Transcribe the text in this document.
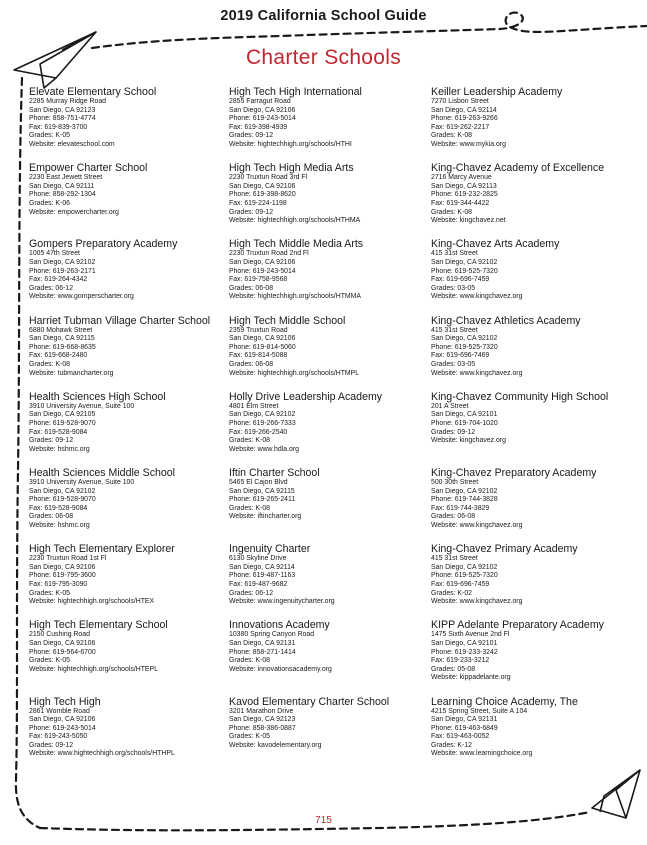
2019 California School Guide
Charter Schools
Elevate Elementary School
2285 Murray Ridge Road
San Diego, CA 92123
Phone: 858-751-4774
Fax: 619-839-3700
Grades: K-05
Website: elevateschool.com
Empower Charter School
2230 East Jewett Street
San Diego, CA 92111
Phone: 858-292-1304
Grades: K-06
Website: empowercharter.org
Gompers Preparatory Academy
1005 47th Street
San Diego, CA 92102
Phone: 619-263-2171
Fax: 619-264-4342
Grades: 06-12
Website: www.gomperscharter.org
Harriet Tubman Village Charter School
6880 Mohawk Street
San Diego, CA 92115
Phone: 619-668-8635
Fax: 619-668-2480
Grades: K-08
Website: tubmancharter.org
Health Sciences High School
3910 University Avenue, Suite 100
San Diego, CA 92105
Phone: 619-528-9070
Fax: 619-528-9084
Grades: 09-12
Website: hshmc.org
Health Sciences Middle School
3910 University Avenue, Suite 100
San Diego, CA 92102
Phone: 619-528-9070
Fax: 619-528-9084
Grades: 06-08
Website: hshmc.org
High Tech Elementary Explorer
2230 Truxtun Road 1st Fl
San Diego, CA 92106
Phone: 619-795-3600
Fax: 619-795-3090
Grades: K-05
Website: hightechhigh.org/schools/HTEX
High Tech Elementary School
2150 Cushing Road
San Diego, CA 92106
Phone: 619-564-6700
Grades: K-05
Website: hightechhigh.org/schools/HTEPL
High Tech High
2861 Womble Road
San Diego, CA 92106
Phone: 619-243-5014
Fax: 619-243-5050
Grades: 09-12
Website: www.hightechhigh.org/schools/HTHPL
High Tech High International
2855 Farragut Road
San Diego, CA 92106
Phone: 619-243-5014
Fax: 619-398-4939
Grades: 09-12
Website: hightechhigh.org/schools/HTHI
High Tech High Media Arts
2230 Truxtun Road 3rd Fl
San Diego, CA 92106
Phone: 619-398-8620
Fax: 619-224-1198
Grades: 09-12
Website: hightechhigh.org/schools/HTHMA
High Tech Middle Media Arts
2230 Truxtun Road 2nd Fl
San Diego, CA 92106
Phone: 619-243-5014
Fax: 619-758-9568
Grades: 06-08
Website: hightechhigh.org/schools/HTMMA
High Tech Middle School
2359 Truxtun Road
San Diego, CA 92106
Phone: 619-814-5060
Fax: 619-814-5088
Grades: 06-08
Website: hightechhigh.org/schools/HTMPL
Holly Drive Leadership Academy
4801 Elm Street
San Diego, CA 92102
Phone: 619-266-7333
Fax: 619-266-2540
Grades: K-08
Website: www.hdla.org
Iftin Charter School
5465 El Cajon Blvd
San Diego, CA 92115
Phone: 619-265-2411
Grades: K-08
Website: iftincharter.org
Ingenuity Charter
6130 Skyline Drive
San Diego, CA 92114
Phone: 619-487-1163
Fax: 619-487-9682
Grades: 06-12
Website: www.ingenuitycharter.org
Innovations Academy
10380 Spring Canyon Road
San Diego, CA 92131
Phone: 858-271-1414
Grades: K-08
Website: innovationsacademy.org
Kavod Elementary Charter School
3201 Marathon Drive
San Diego, CA 92123
Phone: 858-386-0887
Grades: K-05
Website: kavodelementary.org
Keiller Leadership Academy
7270 Lisbon Street
San Diego, CA 92114
Phone: 619-263-9266
Fax: 619-262-2217
Grades: K-08
Website: www.mykia.org
King-Chavez Academy of Excellence
2716 Marcy Avenue
San Diego, CA 92113
Phone: 619-232-2825
Fax: 619-344-4422
Grades: K-08
Website: kingchavez.net
King-Chavez Arts Academy
415 31st Street
San Diego, CA 92102
Phone: 619-525-7320
Fax: 619-696-7459
Grades: 03-05
Website: www.kingchavez.org
King-Chavez Athletics Academy
415 31st Street
San Diego, CA 92102
Phone: 619-525-7320
Fax: 619-696-7469
Grades: 03-05
Website: www.kingchavez.org
King-Chavez Community High School
201 A Street
San Diego, CA 92101
Phone: 619-704-1020
Grades: 09-12
Website: kingchavez.org
King-Chavez Preparatory Academy
500 30th Street
San Diego, CA 92102
Phone: 619-744-3828
Fax: 619-744-3829
Grades: 06-08
Website: www.kingchavez.org
King-Chavez Primary Academy
415 31st Street
San Diego, CA 92102
Phone: 619-525-7320
Fax: 619-696-7459
Grades: K-02
Website: www.kingchavez.org
KIPP Adelante Preparatory Academy
1475 Sixth Avenue 2nd Fl
San Diego, CA 92101
Phone: 619-233-3242
Fax: 619-233-3212
Grades: 05-08
Website: kippadelante.org
Learning Choice Academy, The
4215 Spring Street, Suite A 104
San Diego, CA 92131
Phone: 619-463-6849
Fax: 619-463-0052
Grades: K-12
Website: www.learningchoice.org
715
